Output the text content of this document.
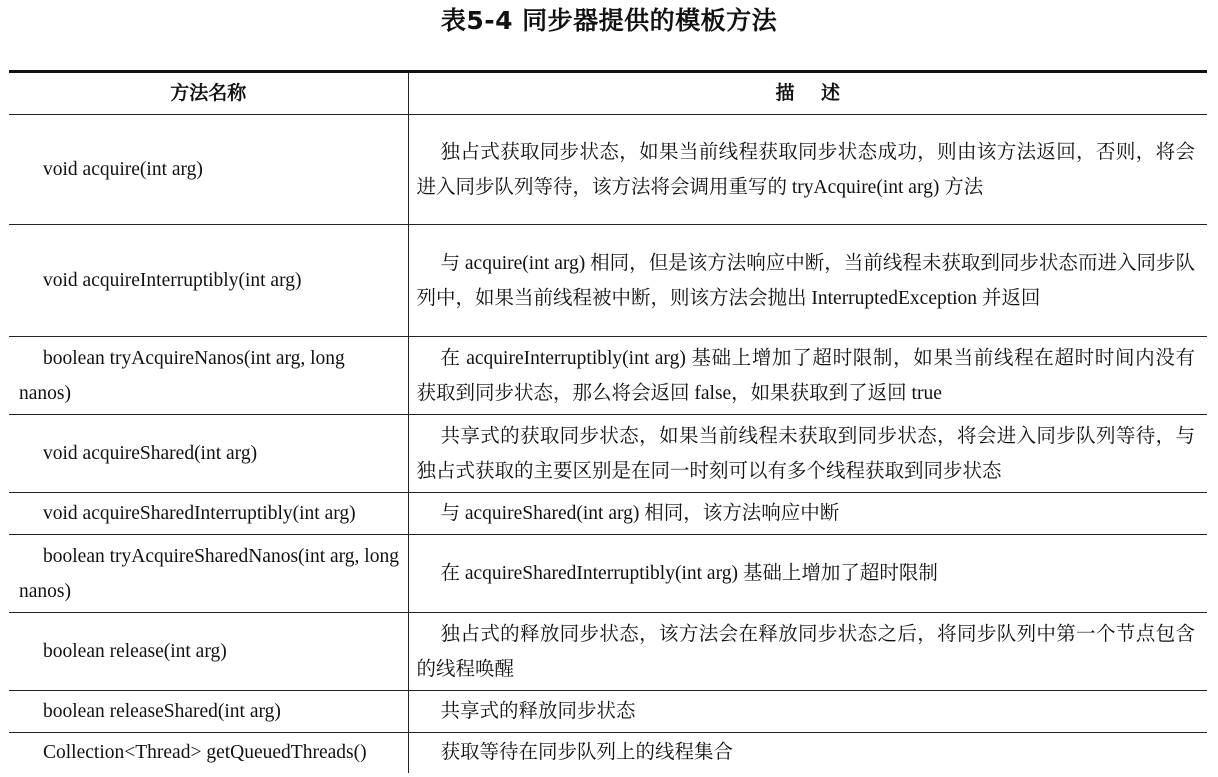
表5-4 同步器提供的模板方法
方法名称	描 述

void acquire(int arg)	独占式获取同步状态，如果当前线程获取同步状态成功，则由该方法返回，否则，将会进入同步队列等待，该方法将会调用重写的 tryAcquire(int arg) 方法

void acquireInterruptibly(int arg)	与 acquire(int arg) 相同，但是该方法响应中断，当前线程未获取到同步状态而进入同步队列中，如果当前线程被中断，则该方法会抛出 InterruptedException 并返回

boolean tryAcquireNanos(int arg, long nanos)	在 acquireInterruptibly(int arg) 基础上增加了超时限制，如果当前线程在超时时间内没有获取到同步状态，那么将会返回 false，如果获取到了返回 true

void acquireShared(int arg)	共享式的获取同步状态，如果当前线程未获取到同步状态，将会进入同步队列等待，与独占式获取的主要区别是在同一时刻可以有多个线程获取到同步状态

void acquireSharedInterruptibly(int arg)	与 acquireShared(int arg) 相同，该方法响应中断

boolean tryAcquireSharedNanos(int arg, long nanos)	在 acquireSharedInterruptibly(int arg) 基础上增加了超时限制

boolean release(int arg)	独占式的释放同步状态，该方法会在释放同步状态之后，将同步队列中第一个节点包含的线程唤醒

boolean releaseShared(int arg)	共享式的释放同步状态

Collection<Thread> getQueuedThreads()	获取等待在同步队列上的线程集合
